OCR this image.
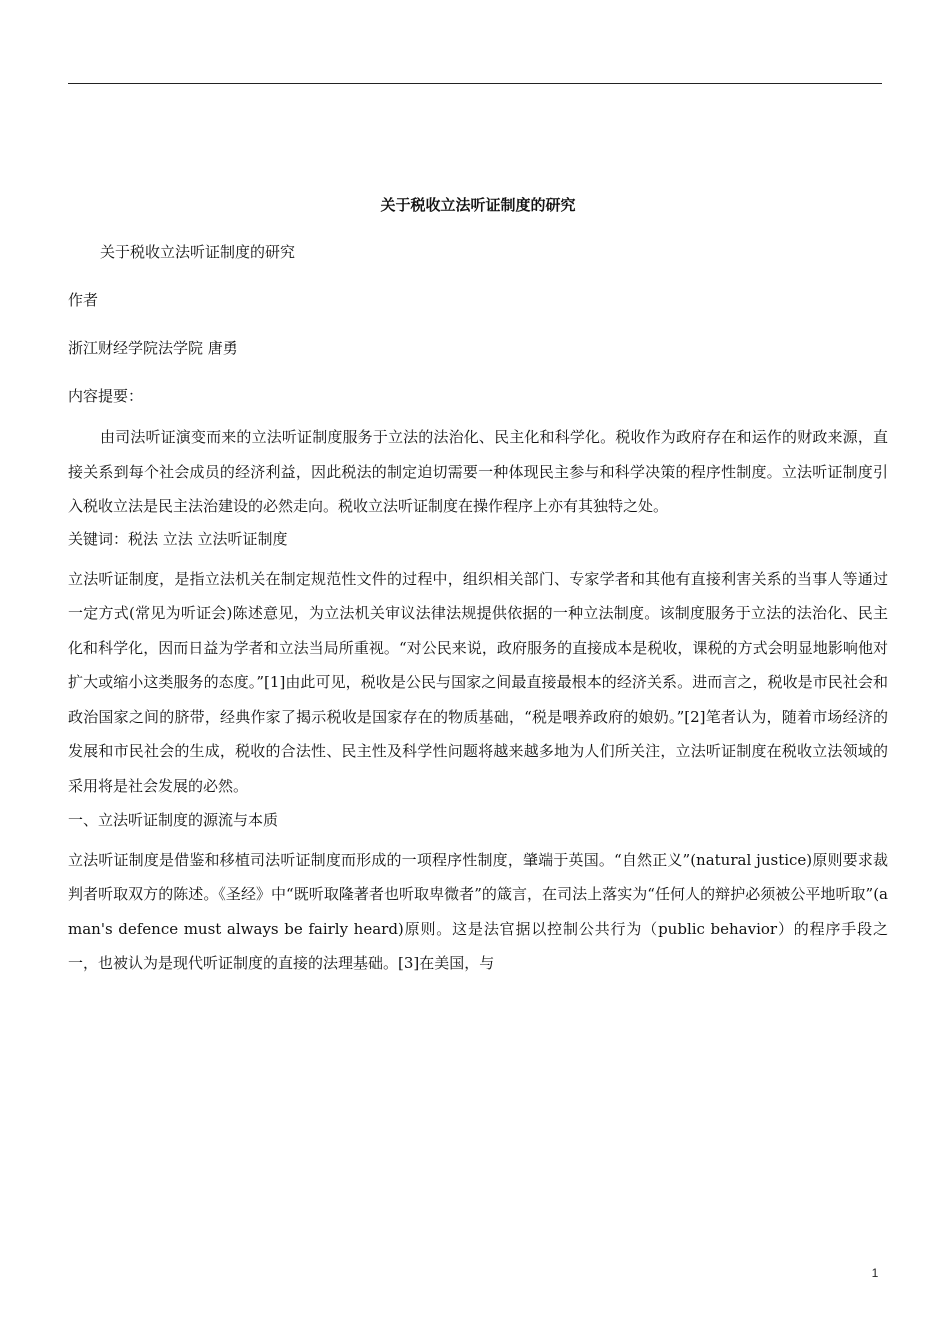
关于税收立法听证制度的研究
关于税收立法听证制度的研究
作者
浙江财经学院法学院 唐勇
内容提要：

由司法听证演变而来的立法听证制度服务于立法的法治化、民主化和科学化。税收作为政府存在和运作的财政来源，直接关系到每个社会成员的经济利益，因此税法的制定迫切需要一种体现民主参与和科学决策的程序性制度。立法听证制度引入税收立法是民主法治建设的必然走向。税收立法听证制度在操作程序上亦有其独特之处。

关键词：税法 立法 立法听证制度

立法听证制度，是指立法机关在制定规范性文件的过程中，组织相关部门、专家学者和其他有直接利害关系的当事人等通过一定方式(常见为听证会)陈述意见，为立法机关审议法律法规提供依据的一种立法制度。该制度服务于立法的法治化、民主化和科学化，因而日益为学者和立法当局所重视。“对公民来说，政府服务的直接成本是税收，课税的方式会明显地影响他对扩大或缩小这类服务的态度。”[1]由此可见，税收是公民与国家之间最直接最根本的经济关系。进而言之，税收是市民社会和政治国家之间的脐带，经典作家了揭示税收是国家存在的物质基础，“税是喂养政府的娘奶。”[2]笔者认为，随着市场经济的发展和市民社会的生成，税收的合法性、民主性及科学性问题将越来越多地为人们所关注，立法听证制度在税收立法领域的采用将是社会发展的必然。

一、立法听证制度的源流与本质

立法听证制度是借鉴和移植司法听证制度而形成的一项程序性制度，肇端于英国。“自然正义”(natural justice)原则要求裁判者听取双方的陈述。《圣经》中“既听取隆著者也听取卑微者”的箴言，在司法上落实为“任何人的辩护必须被公平地听取”(a man's defence must always be fairly heard)原则。这是法官据以控制公共行为（public behavior）的程序手段之一，也被认为是现代听证制度的直接的法理基础。[3]在美国，与

1
